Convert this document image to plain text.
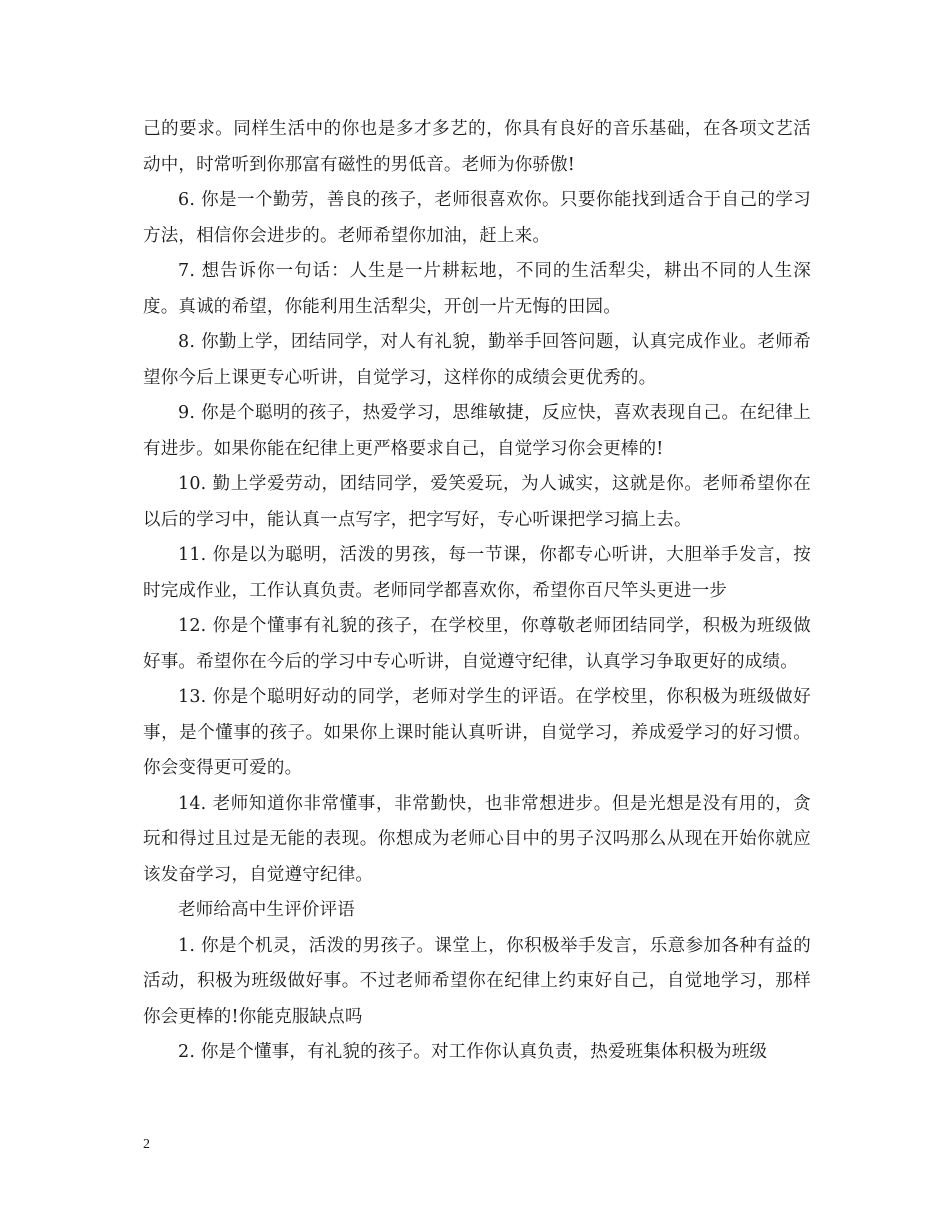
己的要求。同样生活中的你也是多才多艺的，你具有良好的音乐基础，在各项文艺活动中，时常听到你那富有磁性的男低音。老师为你骄傲!

6. 你是一个勤劳，善良的孩子，老师很喜欢你。只要你能找到适合于自己的学习方法，相信你会进步的。老师希望你加油，赶上来。

7. 想告诉你一句话：人生是一片耕耘地，不同的生活犁尖，耕出不同的人生深度。真诚的希望，你能利用生活犁尖，开创一片无悔的田园。

8. 你勤上学，团结同学，对人有礼貌，勤举手回答问题，认真完成作业。老师希望你今后上课更专心听讲，自觉学习，这样你的成绩会更优秀的。

9. 你是个聪明的孩子，热爱学习，思维敏捷，反应快，喜欢表现自己。在纪律上有进步。如果你能在纪律上更严格要求自己，自觉学习你会更棒的!

10. 勤上学爱劳动，团结同学，爱笑爱玩，为人诚实，这就是你。老师希望你在以后的学习中，能认真一点写字，把字写好，专心听课把学习搞上去。

11. 你是以为聪明，活泼的男孩，每一节课，你都专心听讲，大胆举手发言，按时完成作业，工作认真负责。老师同学都喜欢你，希望你百尺竿头更进一步

12. 你是个懂事有礼貌的孩子，在学校里，你尊敬老师团结同学，积极为班级做好事。希望你在今后的学习中专心听讲，自觉遵守纪律，认真学习争取更好的成绩。

13. 你是个聪明好动的同学，老师对学生的评语。在学校里，你积极为班级做好事，是个懂事的孩子。如果你上课时能认真听讲，自觉学习，养成爱学习的好习惯。你会变得更可爱的。

14. 老师知道你非常懂事，非常勤快，也非常想进步。但是光想是没有用的，贪玩和得过且过是无能的表现。你想成为老师心目中的男子汉吗那么从现在开始你就应该发奋学习，自觉遵守纪律。

老师给高中生评价评语

1. 你是个机灵，活泼的男孩子。课堂上，你积极举手发言，乐意参加各种有益的活动，积极为班级做好事。不过老师希望你在纪律上约束好自己，自觉地学习，那样你会更棒的!你能克服缺点吗

2. 你是个懂事，有礼貌的孩子。对工作你认真负责，热爱班集体积极为班级

2
